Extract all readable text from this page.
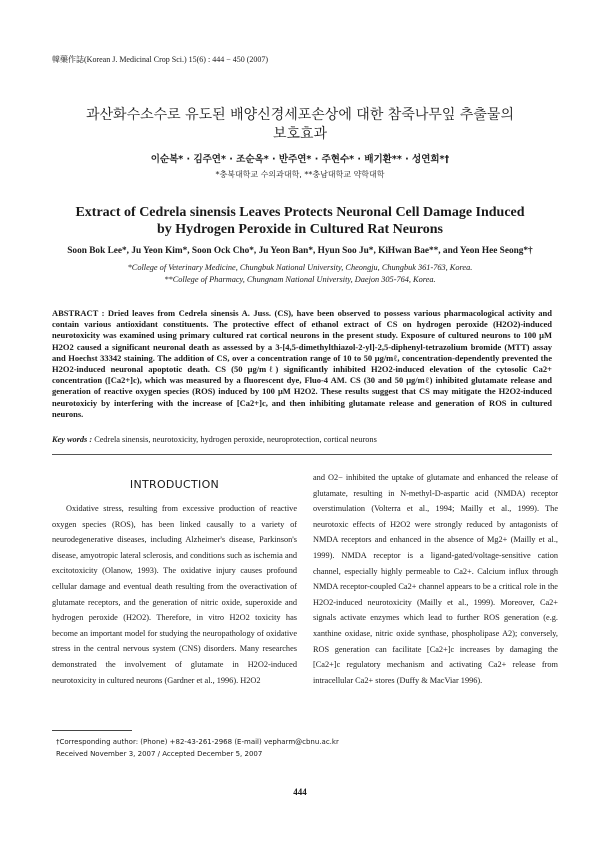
韓藥作誌(Korean J. Medicinal Crop Sci.) 15(6) : 444 − 450 (2007)
과산화수소수로 유도된 배양신경세포손상에 대한 참죽나무잎 추출물의
보호효과
이순복* · 김주연* · 조순옥* · 반주연* · 주현수* · 배기환** · 성연희*†
*충북대학교 수의과대학, **충남대학교 약학대학
Extract of Cedrela sinensis Leaves Protects Neuronal Cell Damage Induced
by Hydrogen Peroxide in Cultured Rat Neurons
Soon Bok Lee*, Ju Yeon Kim*, Soon Ock Cho*, Ju Yeon Ban*, Hyun Soo Ju*, KiHwan Bae**, and Yeon Hee Seong*†
*College of Veterinary Medicine, Chungbuk National University, Cheongju, Chungbuk 361-763, Korea.
**College of Pharmacy, Chungnam National University, Daejon 305-764, Korea.
ABSTRACT : Dried leaves from Cedrela sinensis A. Juss. (CS), have been observed to possess various pharmacological activity and contain various antioxidant constituents. The protective effect of ethanol extract of CS on hydrogen peroxide (H2O2)-induced neurotoxicity was examined using primary cultured rat cortical neurons in the present study. Exposure of cultured neurons to 100 μM H2O2 caused a significant neuronal death as assessed by a 3-[4,5-dimethylthiazol-2-yl]-2,5-diphenyl-tetrazolium bromide (MTT) assay and Hoechst 33342 staining. The addition of CS, over a concentration range of 10 to 50 μg/mℓ, concentration-dependently prevented the H2O2-induced neuronal apoptotic death. CS (50 μg/mℓ) significantly inhibited H2O2-induced elevation of the cytosolic Ca2+ concentration ([Ca2+]c), which was measured by a fluorescent dye, Fluo-4 AM. CS (30 and 50 μg/mℓ) inhibited glutamate release and generation of reactive oxygen species (ROS) induced by 100 μM H2O2. These results suggest that CS may mitigate the H2O2-induced neurotoxiciy by interfering with the increase of [Ca2+]c, and then inhibiting glutamate release and generation of ROS in cultured neurons.
Key words : Cedrela sinensis, neurotoxicity, hydrogen peroxide, neuroprotection, cortical neurons
INTRODUCTION

Oxidative stress, resulting from excessive production of reactive oxygen species (ROS), has been linked causally to a variety of neurodegenerative diseases, including Alzheimer's disease, Parkinson's disease, amyotropic lateral sclerosis, and conditions such as ischemia and excitotoxicity (Olanow, 1993). The oxidative injury causes profound cellular damage and eventual death resulting from the overactivation of glutamate receptors, and the generation of nitric oxide, superoxide and hydrogen peroxide (H2O2). Therefore, in vitro H2O2 toxicity has become an important model for studying the neuropathology of oxidative stress in the central nervous system (CNS) disorders. Many researches demonstrated the involvement of glutamate in H2O2-induced neurotoxicity in cultured neurons (Gardner et al., 1996). H2O2

and O2− inhibited the uptake of glutamate and enhanced the release of glutamate, resulting in N-methyl-D-aspartic acid (NMDA) receptor overstimulation (Volterra et al., 1994; Mailly et al., 1999). The neurotoxic effects of H2O2 were strongly reduced by antagonists of NMDA receptors and enhanced in the absence of Mg2+ (Mailly et al., 1999). NMDA receptor is a ligand-gated/voltage-sensitive cation channel, especially highly permeable to Ca2+. Calcium influx through NMDA receptor-coupled Ca2+ channel appears to be a critical role in the H2O2-induced neurotoxicity (Mailly et al., 1999). Moreover, Ca2+ signals activate enzymes which lead to further ROS generation (e.g. xanthine oxidase, nitric oxide synthase, phospholipase A2); conversely, ROS generation can facilitate [Ca2+]c increases by damaging the [Ca2+]c regulatory mechanism and activating Ca2+ release from intracellular Ca2+ stores (Duffy & MacViar 1996).

†Corresponding author: (Phone) +82-43-261-2968 (E-mail) vepharm@cbnu.ac.kr
Received November 3, 2007 / Accepted December 5, 2007
444
